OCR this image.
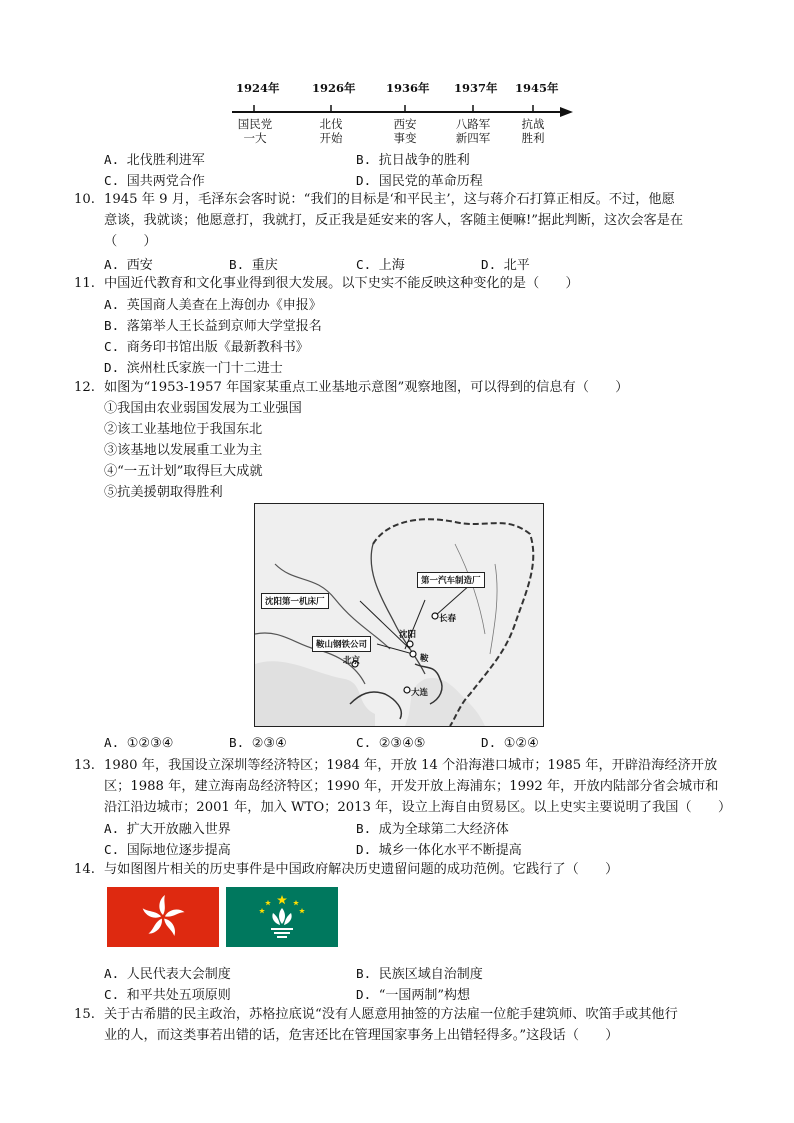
1924年	1926年	1936年 1937年 1945年
国民党
一大
北伐
开始
西安
事变
八路军
新四军
抗战
胜利
A. 北伐胜利进军	B. 抗日战争的胜利
C. 国共两党合作	D. 国民党的革命历程
10. 1945 年 9 月，毛泽东会客时说：“我们的目标是‘和平民主’，这与蒋介石打算正相反。不过，他愿
意谈，我就谈；他愿意打，我就打，反正我是延安来的客人，客随主便嘛!”据此判断，这次会客是在
（　　）
A. 西安	B. 重庆	C. 上海	D. 北平
11. 中国近代教育和文化事业得到很大发展。以下史实不能反映这种变化的是（　　）
A. 英国商人美查在上海创办《申报》
B. 落第举人王长益到京师大学堂报名
C. 商务印书馆出版《最新教科书》
D. 滨州杜氏家族一门十二进士
12. 如图为“1953-1957 年国家某重点工业基地示意图”观察地图，可以得到的信息有（　　）
①我国由农业弱国发展为工业强国
②该工业基地位于我国东北
③该基地以发展重工业为主
④“一五计划”取得巨大成就
⑤抗美援朝取得胜利
第一汽车制造厂
沈阳第一机床厂
鞍山钢铁公司
长春
沈阳
北京	鞍
大连
A. ①②③④	B. ②③④	C. ②③④⑤	D. ①②④
13. 1980 年，我国设立深圳等经济特区；1984 年，开放 14 个沿海港口城市；1985 年，开辟沿海经济开放
区；1988 年，建立海南岛经济特区；1990 年，开发开放上海浦东；1992 年，开放内陆部分省会城市和
沿江沿边城市；2001 年，加入 WTO；2013 年，设立上海自由贸易区。以上史实主要说明了我国（　　）
A. 扩大开放融入世界	B. 成为全球第二大经济体
C. 国际地位逐步提高	D. 城乡一体化水平不断提高
14. 与如图图片相关的历史事件是中国政府解决历史遗留问题的成功范例。它践行了（　　）
A. 人民代表大会制度	B. 民族区域自治制度
C. 和平共处五项原则	D. “一国两制”构想
15. 关于古希腊的民主政治，苏格拉底说“没有人愿意用抽签的方法雇一位舵手建筑师、吹笛手或其他行
业的人，而这类事若出错的话，危害还比在管理国家事务上出错轻得多。”这段话（　　）
